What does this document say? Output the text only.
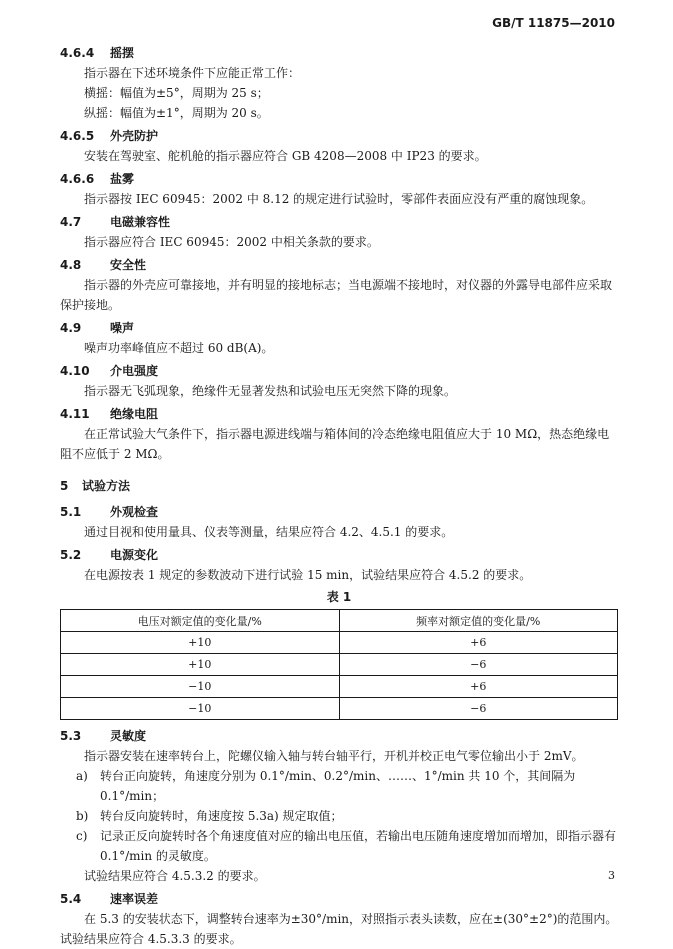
GB/T 11875—2010
4.6.4 摇摆
指示器在下述环境条件下应能正常工作：
横摇：幅值为±5°，周期为 25 s；
纵摇：幅值为±1°，周期为 20 s。
4.6.5 外壳防护
安装在驾驶室、舵机舱的指示器应符合 GB 4208—2008 中 IP23 的要求。
4.6.6 盐雾
指示器按 IEC 60945：2002 中 8.12 的规定进行试验时，零部件表面应没有严重的腐蚀现象。
4.7 电磁兼容性
指示器应符合 IEC 60945：2002 中相关条款的要求。
4.8 安全性
指示器的外壳应可靠接地，并有明显的接地标志；当电源端不接地时，对仪器的外露导电部件应采取保护接地。
4.9 噪声
噪声功率峰值应不超过 60 dB(A)。
4.10 介电强度
指示器无飞弧现象，绝缘件无显著发热和试验电压无突然下降的现象。
4.11 绝缘电阻
在正常试验大气条件下，指示器电源进线端与箱体间的冷态绝缘电阻值应大于 10 MΩ，热态绝缘电阻不应低于 2 MΩ。
5 试验方法
5.1 外观检查
通过目视和使用量具、仪表等测量，结果应符合 4.2、4.5.1 的要求。
5.2 电源变化
在电源按表 1 规定的参数波动下进行试验 15 min，试验结果应符合 4.5.2 的要求。
表 1
电压对额定值的变化量/%	频率对额定值的变化量/%
+10	+6
+10	−6
−10	+6
−10	−6
5.3 灵敏度
指示器安装在速率转台上，陀螺仪输入轴与转台轴平行，开机并校正电气零位输出小于 2mV。
a) 转台正向旋转，角速度分别为 0.1°/min、0.2°/min、……、1°/min 共 10 个，其间隔为 0.1°/min；
b) 转台反向旋转时，角速度按 5.3a) 规定取值；
c) 记录正反向旋转时各个角速度值对应的输出电压值，若输出电压随角速度增加而增加，即指示器有 0.1°/min 的灵敏度。
试验结果应符合 4.5.3.2 的要求。
5.4 速率误差
在 5.3 的安装状态下，调整转台速率为±30°/min，对照指示表头读数，应在±(30°±2°)的范围内。试验结果应符合 4.5.3.3 的要求。
3
